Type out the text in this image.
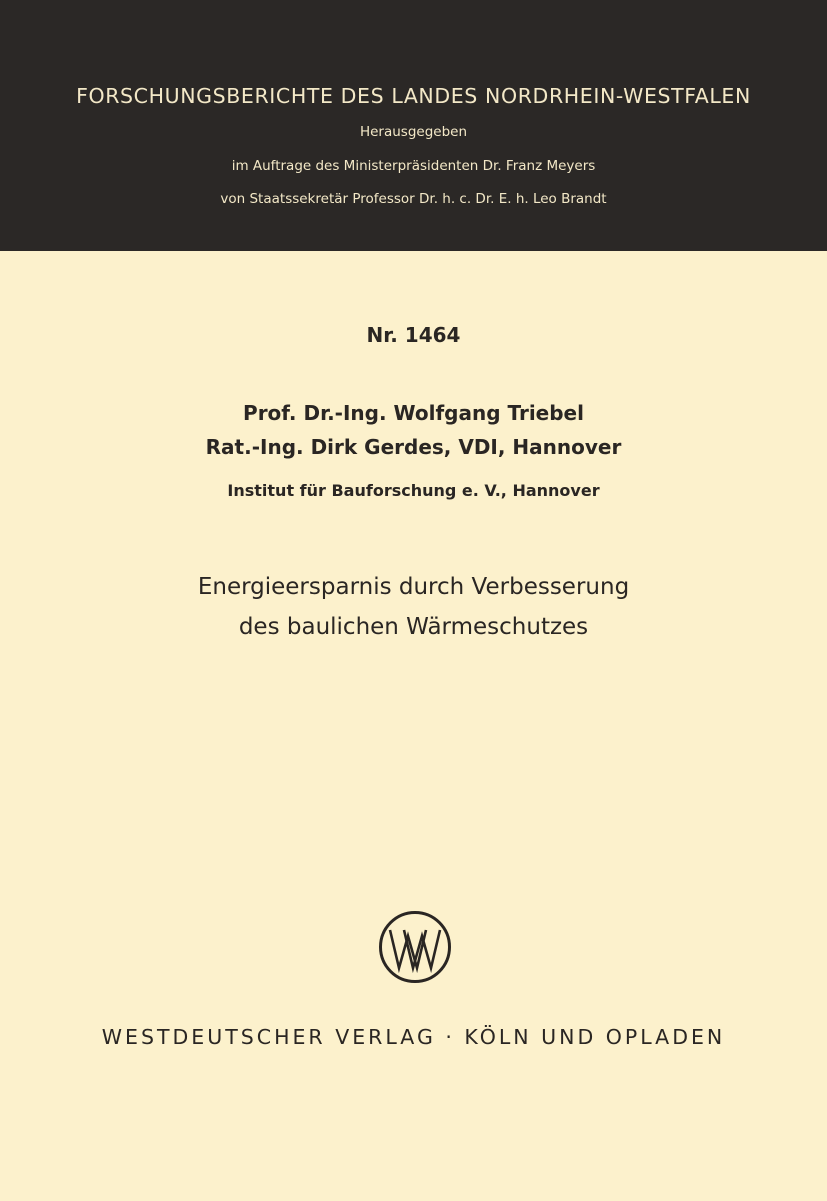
FORSCHUNGSBERICHTE DES LANDES NORDRHEIN-WESTFALEN
Herausgegeben
im Auftrage des Ministerpräsidenten Dr. Franz Meyers
von Staatssekretär Professor Dr. h. c. Dr. E. h. Leo Brandt
Nr. 1464
Prof. Dr.-Ing. Wolfgang Triebel
Rat.-Ing. Dirk Gerdes, VDI, Hannover
Institut für Bauforschung e. V., Hannover
Energieersparnis durch Verbesserung
des baulichen Wärmeschutzes
WESTDEUTSCHER VERLAG · KÖLN UND OPLADEN
